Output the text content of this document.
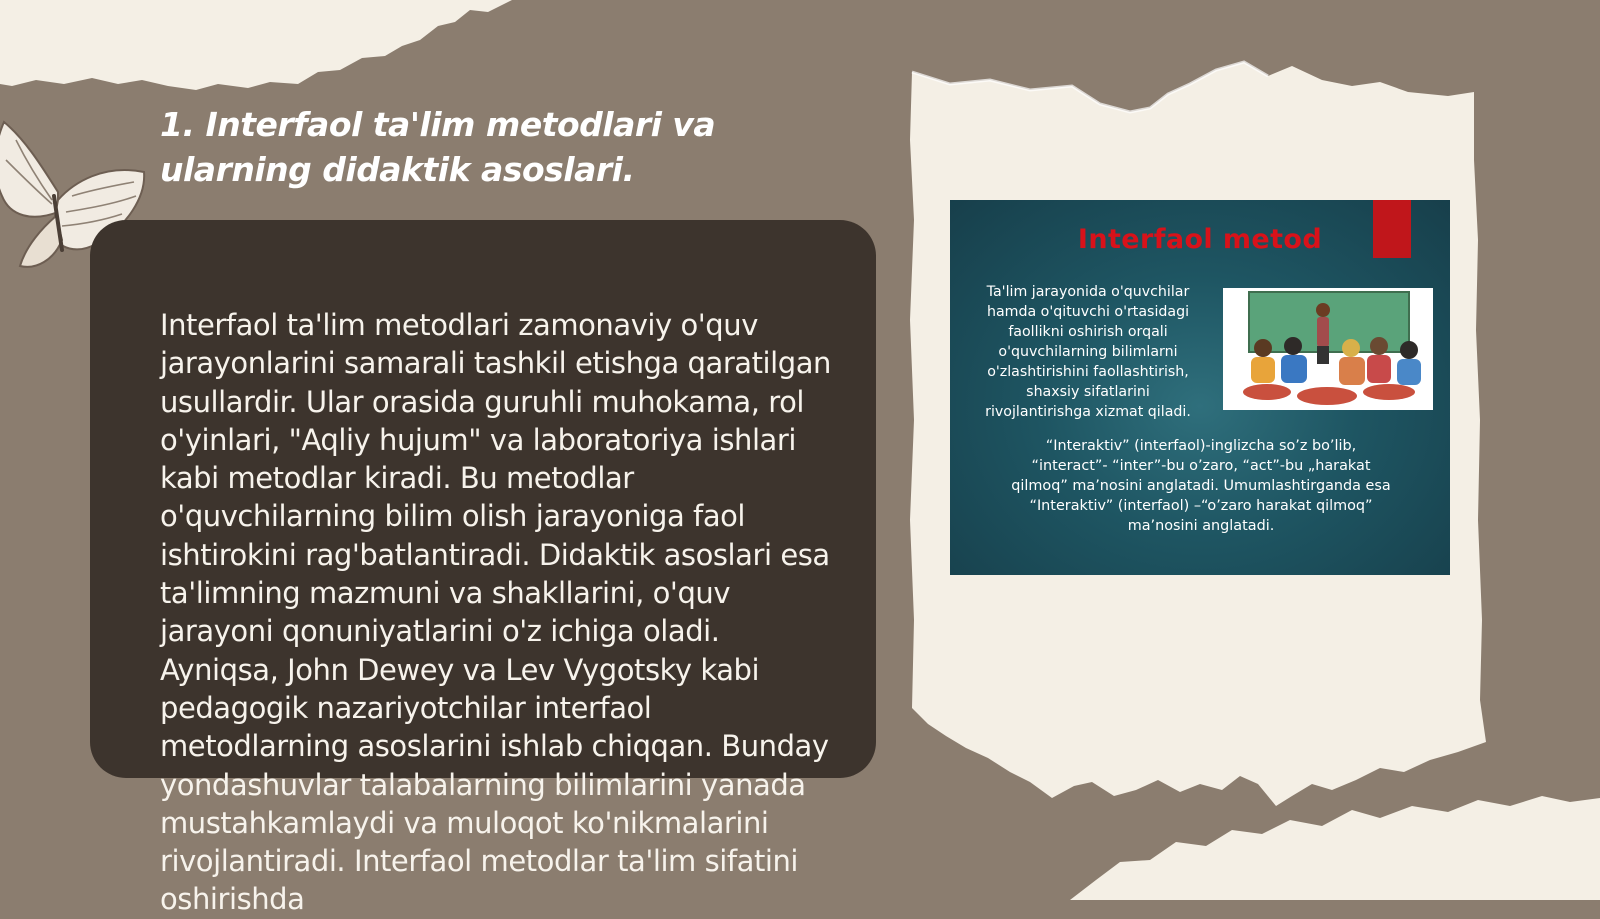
1. Interfaol ta'lim metodlari va ularning didaktik asoslari.

Interfaol ta'lim metodlari zamonaviy o'quv jarayonlarini samarali tashkil etishga qaratilgan usullardir. Ular orasida guruhli muhokama, rol o'yinlari, "Aqliy hujum" va laboratoriya ishlari kabi metodlar kiradi. Bu metodlar o'quvchilarning bilim olish jarayoniga faol ishtirokini rag'batlantiradi. Didaktik asoslari esa ta'limning mazmuni va shakllarini, o'quv jarayoni qonuniyatlarini o'z ichiga oladi. Ayniqsa, John Dewey va Lev Vygotsky kabi pedagogik nazariyotchilar interfaol metodlarning asoslarini ishlab chiqqan. Bunday yondashuvlar talabalarning bilimlarini yanada mustahkamlaydi va muloqot ko'nikmalarini rivojlantiradi. Interfaol metodlar ta'lim sifatini oshirishda

Interfaol metod

Ta'lim jarayonida o'quvchilar
hamda o'qituvchi o'rtasidagi
faollikni oshirish orqali
o'quvchilarning bilimlarni
o'zlashtirishini faollashtirish,
shaxsiy sifatlarini
rivojlantirishga xizmat qiladi.

“Interaktiv” (interfaol)-inglizcha so’z bo’lib,
“interact”- “inter”-bu o’zaro, “act”-bu „harakat
qilmoq” ma’nosini anglatadi. Umumlashtirganda esa
“Interaktiv” (interfaol) –“o’zaro harakat qilmoq”
ma’nosini anglatadi.
